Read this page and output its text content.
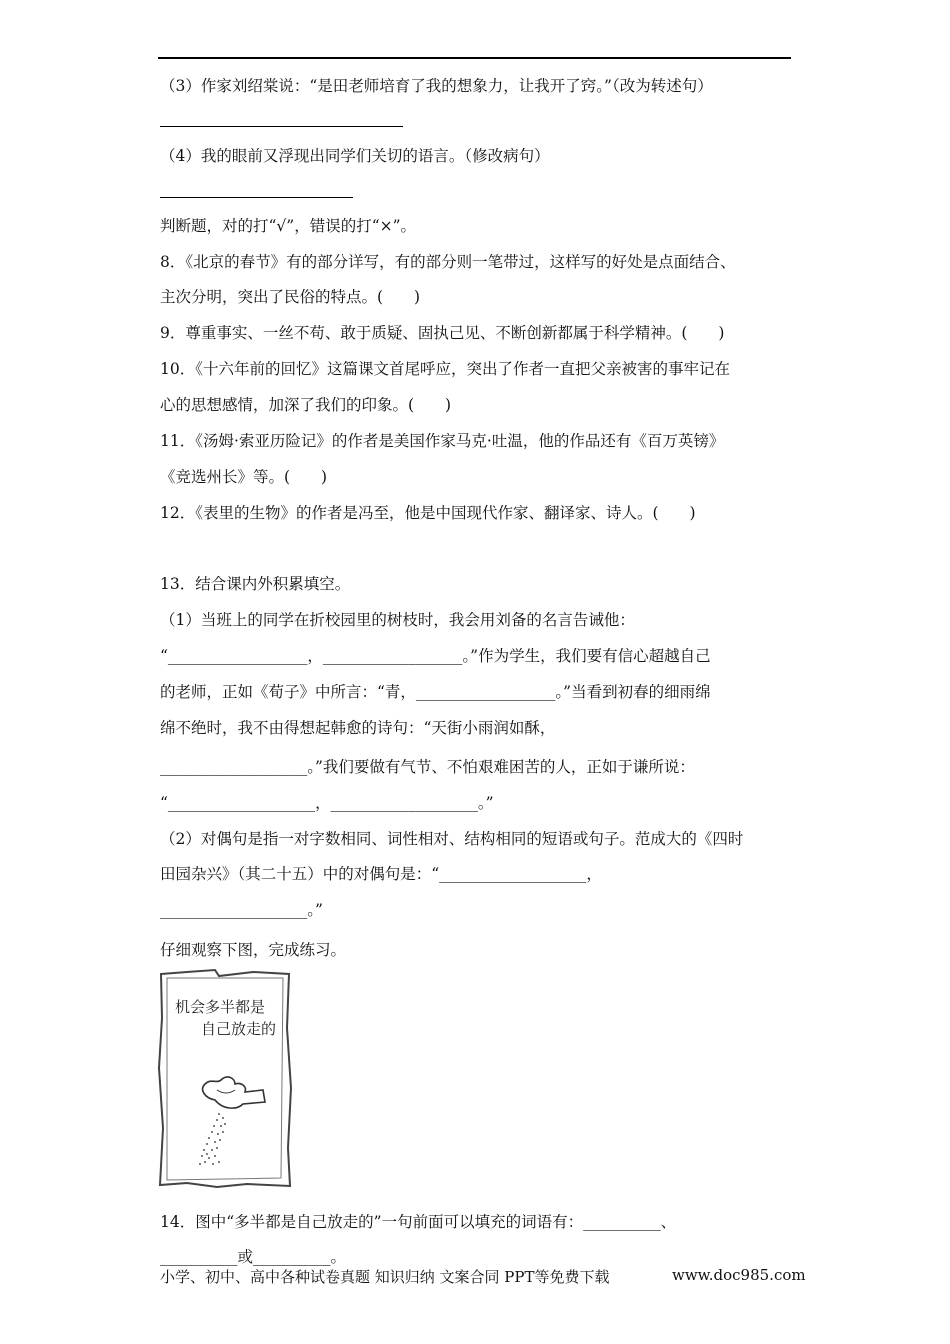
（3）作家刘绍棠说：“是田老师培育了我的想象力，让我开了窍。”（改为转述句）
（4）我的眼前又浮现出同学们关切的语言。（修改病句）
判断题，对的打“√”，错误的打“×”。
8．《北京的春节》有的部分详写，有的部分则一笔带过，这样写的好处是点面结合、
主次分明，突出了民俗的特点。(　　)
9．尊重事实、一丝不苟、敢于质疑、固执己见、不断创新都属于科学精神。(　　)
10．《十六年前的回忆》这篇课文首尾呼应，突出了作者一直把父亲被害的事牢记在
心的思想感情，加深了我们的印象。(　　)
11．《汤姆·索亚历险记》的作者是美国作家马克·吐温，他的作品还有《百万英镑》
《竞选州长》等。(　　)
12．《表里的生物》的作者是冯至，他是中国现代作家、翻译家、诗人。(　　)
13．结合课内外积累填空。
（1）当班上的同学在折校园里的树枝时，我会用刘备的名言告诫他：
“__________________，__________________。”作为学生，我们要有信心超越自己
的老师，正如《荀子》中所言：“青，__________________。”当看到初春的细雨绵
绵不绝时，我不由得想起韩愈的诗句：“天街小雨润如酥，
___________________。”我们要做有气节、不怕艰难困苦的人，正如于谦所说：
“___________________，___________________。”
（2）对偶句是指一对字数相同、词性相对、结构相同的短语或句子。范成大的《四时
田园杂兴》（其二十五）中的对偶句是：“___________________，
___________________。”
仔细观察下图，完成练习。
机会多半都是
自己放走的
14．图中“多半都是自己放走的”一句前面可以填充的词语有：__________、
__________或__________。
小学、初中、高中各种试卷真题 知识归纳 文案合同 PPT等免费下载	www.doc985.com
